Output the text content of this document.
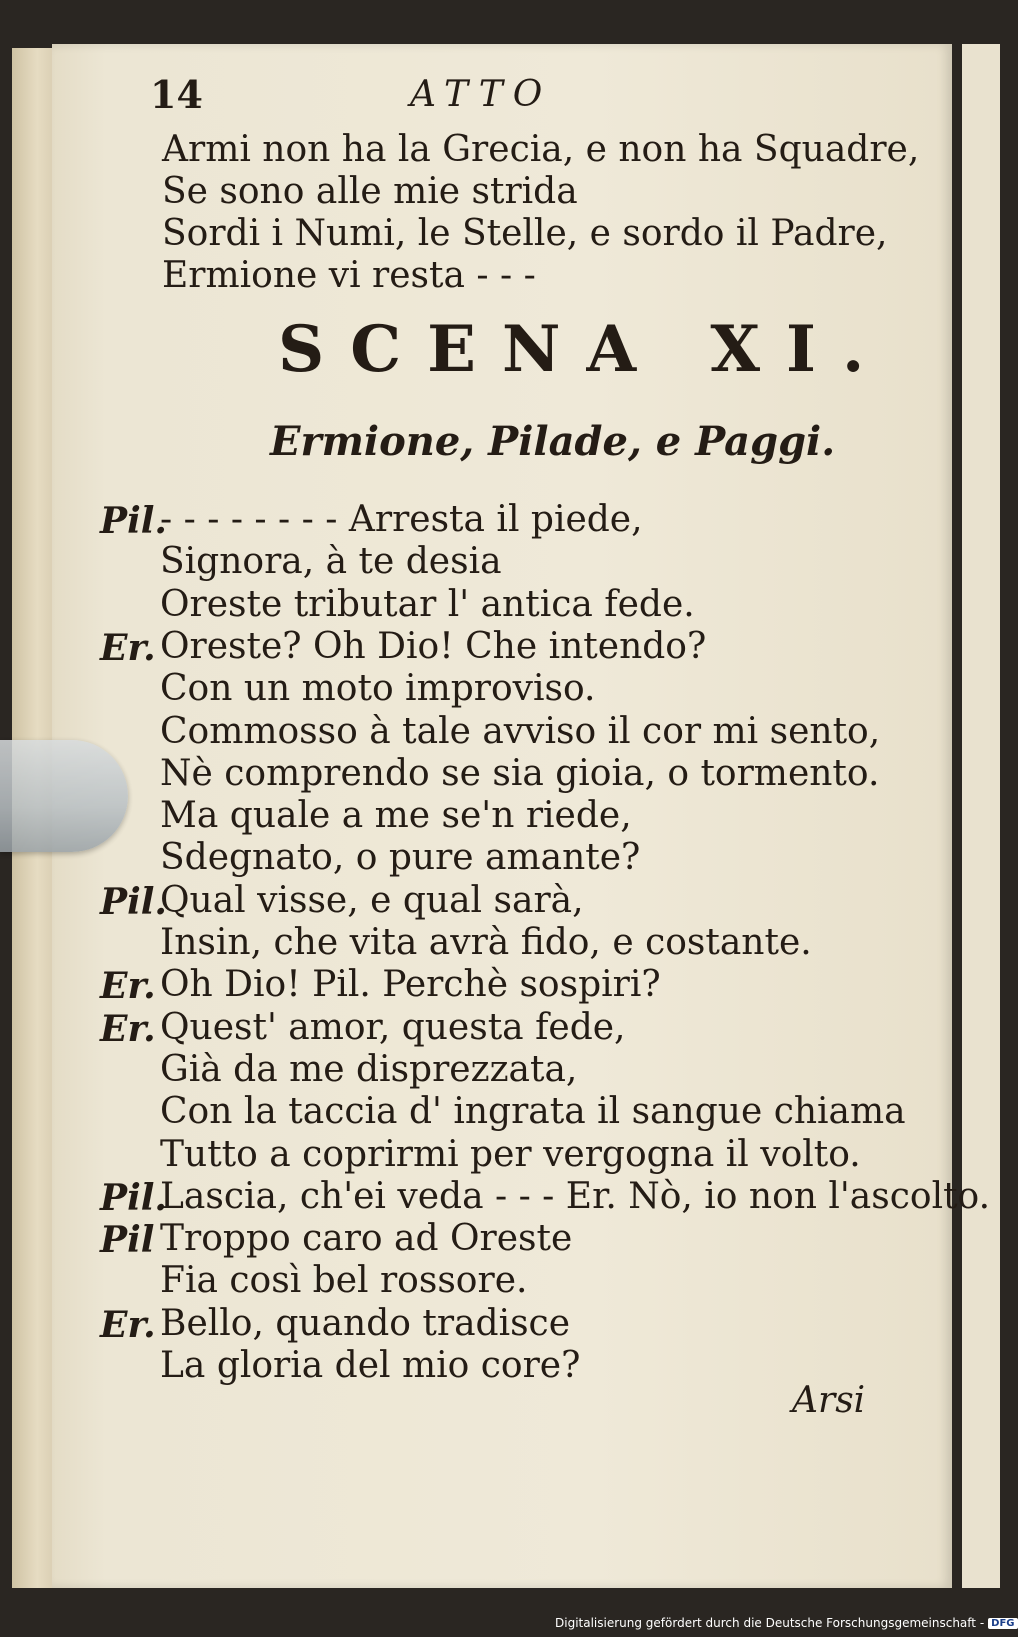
14	ATTO
Armi non ha la Grecia, e non ha Squadre,
Se sono alle mie strida
Sordi i Numi, le Stelle, e sordo il Padre,
Ermione vi resta - - -
SCENA XI.
Ermione, Pilade, e Paggi.
Pil.
- - - - - - - - Arresta il piede,
Signora, à te desia
Oreste tributar l' antica fede.
Er. Oreste? Oh Dio! Che intendo?
Con un moto improviso.
Commosso à tale avviso il cor mi sento,
Nè comprendo se sia gioia, o tormento.
Ma quale a me se'n riede,
Sdegnato, o pure amante?
Pil.
Qual visse, e qual sarà,
Insin, che vita avrà fido, e costante.
Er. Oh Dio! Pil. Perchè sospiri?
Er. Quest' amor, questa fede,
Già da me disprezzata,
Con la taccia d' ingrata il sangue chiama
Tutto a coprirmi per vergogna il volto.
Pil.
Lascia, ch'ei veda - - - Er. Nò, io non l'ascolto.
Pil Troppo caro ad Oreste
Fia così bel rossore.
Er. Bello, quando tradisce
La gloria del mio core?
Arsi
Digitalisierung gefördert durch die Deutsche Forschungsgemeinschaft - DFG
